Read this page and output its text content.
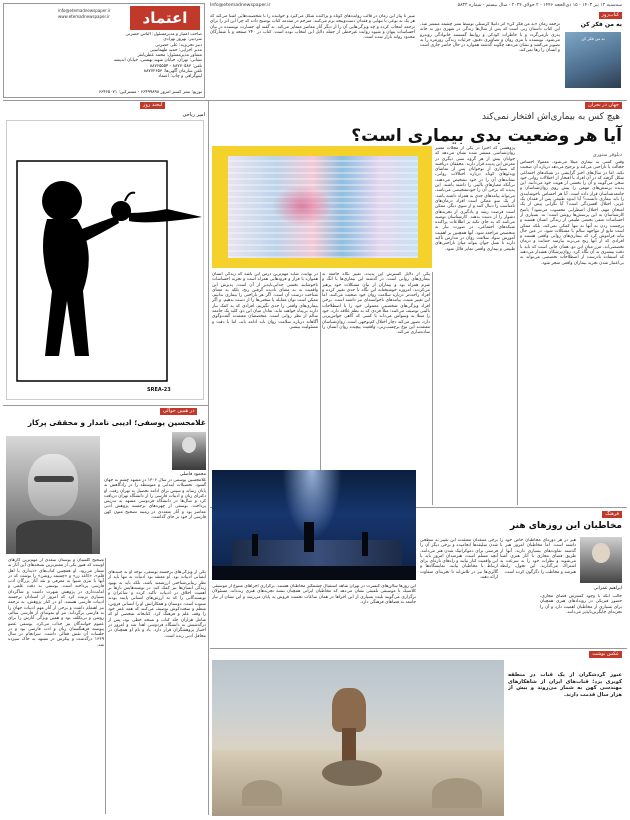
سه‌شنبه ۱۲ تیر ۱۴۰۳ - ۱۵ ذی‌الحجه ۱۴۴۶ - ۲ جولای ۲۰۲۴ - سال بیستم - شماره ۵۸۳۲
Info@etemadnewspaper.ir
اعتماد
info@etemadnewspaper.ir
www.etemadnewspaper.ir
صاحب امتیاز و مدیرمسئول: الیاس حضرتی
سردبیر: بهروز بهزادی
دبیر تحریریه: علی حضرتی
مدیر اجرایی: حمید طهماسبی
مشاور مدیرمسئول: محمد عطریانفر
نشانی: تهران، خیابان شهید بهشتی، خیابان اندیشه
تلفن: ۸۸۷۷۰۵۸۳ - ۸۸۷۶۵۵۵۴
تلفن سازمان آگهی‌ها: ۸۸۷۷۲۶۵۳
لیتوگرافی و چاپ: اعتماد
توزیع: نشر گستر امروز ۶۶۴۹۹۸۹۸ - مشترکین: ۶۶۴۶۵۰۷۱
کتاب‌روز
به من فکر کن
به من فکر کن
ترجمه رمان «به من فکر کن» اثر دانیلا کرستلی توسط نشر چشمه منتشر شد. این کتاب داستان زنی است که پس از سال‌ها زندگی در شهری دور به خانه پدری بازمی‌گردد و با خاطرات کودکی و روابط گسسته خانوادگی روبه‌رو می‌شود. نویسنده با نثری روان و تصاویری دقیق، جزئیات زندگی روزمره را به تصویر می‌کشد و نشان می‌دهد چگونه گذشته همواره در حال حاضر جاری است و انسان را رها نمی‌کند.
سیر تا پیاز این رمان در قالب روایت‌های کوتاه و پراکنده شکل می‌گیرد و خواننده را با شخصیت‌هایی آشنا می‌کند که هر یک به نوعی با تنهایی و فقدان دست‌وپنجه نرم می‌کنند. مترجم در مقدمه کتاب توضیح داده که چرا این اثر را برای ترجمه انتخاب کرده و چه ویژگی‌هایی آن را از دیگر آثار معاصر متمایز می‌کند. به گفته او، جسارت نویسنده در بیان احساسات پنهان و شیوه روایت غیرخطی از جمله دلایل این انتخاب بوده است. کتاب در ۲۴۰ صفحه و با شمارگان محدود روانه بازار شده است.
جهان در بحران
هیچ کس به بیماری‌اش افتخار نمی‌کند
آیا هر وضعیت بدی بیماری است؟
دیلوفر ستوری
وقتی کسی به بیماری مبتلا می‌شود، معمولاً احساس خجالت یا ناراحتی می‌کند و ترجیح می‌دهد درباره آن صحبت نکند. اما در سال‌های اخیر گرایشی در شبکه‌های اجتماعی شکل گرفته که در آن افراد با افتخار از اختلالات روانی خود سخن می‌گویند و آن را بخشی از هویت خود می‌دانند. این پدیده پرسش‌های مهمی را پیش روی روان‌شناسان و جامعه‌شناسان قرار داده است. آیا هر احساس ناخوشایندی را باید بیماری دانست؟ آیا اندوه طبیعی پس از فقدان یک عزیز، اختلال افسردگی است؟ آیا نگرانی پیش از یک امتحان مهم، اختلال اضطرابی محسوب می‌شود؟ پاسخ کارشناسان به این پرسش‌ها روشن است: نه. بسیاری از احساسات منفی بخشی طبیعی از زندگی انسان هستند و برچسب زدن به آنها نه تنها کمکی نمی‌کند، بلکه ممکن است مانع از مواجهه سالم با مشکلات شود. در عین حال نباید فراموش کرد که بیماری‌های روانی واقعی هستند و افرادی که از آنها رنج می‌برند نیازمند حمایت و درمان تخصصی‌اند. مرز میان این دو، همان جایی است که باید با دقت بیشتری به آن نگاه کرد. روان‌پزشکان هشدار می‌دهند که استفاده نادرست از اصطلاحات تخصصی می‌تواند به بی‌اعتبار شدن تجربه بیماران واقعی منجر شود.
پژوهشی که اخیراً در یکی از مجلات معتبر روان‌شناسی منتشر شده نشان می‌دهد که جوانان بیش از هر گروه سنی دیگری در معرض این پدیده قرار دارند. محققان دریافتند که بسیاری از نوجوانان پس از تماشای ویدئوهای کوتاه درباره اختلالات روانی، نشانه‌های آن را در خود تشخیص می‌دهند، بی‌آنکه معیارهای بالینی را داشته باشند. این پدیده که برخی آن را خودتشخیصی می‌نامند، می‌تواند پیامدهای جدی به همراه داشته باشد. از یک سو ممکن است افراد درمان‌های نامناسب را دنبال کنند و از سوی دیگر، ممکن است فرصت رشد و یادگیری از تجربه‌های دشوار را از دست بدهند. کارشناسان توصیه می‌کنند که به جای تکیه بر اطلاعات پراکنده شبکه‌های اجتماعی، در صورت نیاز به متخصص مراجعه شود. آنها همچنین بر اهمیت آموزش سواد سلامت روان در مدارس تأکید دارند تا نسل جوان بتواند میان ناراحتی‌های طبیعی و بیماری واقعی تمایز قائل شود.
یکی از دلایل گسترش این پدیده، تغییر نگاه جامعه به بیماری‌های روانی است. در گذشته این بیماری‌ها با انگ و شرم همراه بود و بیماران از بیان مشکلات خود پرهیز می‌کردند. امروزه خوشبختانه این نگاه تا حدی تغییر کرده و افراد راحت‌تر درباره سلامت روان خود صحبت می‌کنند. اما این تغییر مثبت، پیامدهای ناخواسته‌ای نیز داشته است. برخی افراد ویژگی‌های شخصیتی معمولی خود را با اصطلاحات بالینی توصیف می‌کنند؛ مثلاً فردی که به نظم علاقه دارد، خود را مبتلا به وسواس می‌داند یا کسی که گاهی حواس‌پرتی دارد، تصور می‌کند دچار اختلال کم‌توجهی است. روان‌شناسان معتقدند این نوع برچسب‌زنی، واقعیت پیچیده روان انسان را ساده‌سازی می‌کند.
در نهایت، شاید مهم‌ترین درس این باشد که زندگی انسان همواره با فراز و فرودهایی همراه است و تجربه احساسات ناخوشایند بخشی جدایی‌ناپذیر از آن است. پذیرش این واقعیت نه به معنای نادیده گرفتن رنج، بلکه به معنای شناخت درست آن است. اگر هر ناراحتی را بیماری بدانیم، ممکن است توان مقابله با سختی‌ها را از دست بدهیم. و اگر بیماری‌های واقعی را جدی نگیریم، افرادی که به کمک نیاز دارند بی‌پناه خواهند ماند. تعادل میان این دو، کلید یک جامعه سالم از نظر روانی است. متخصصان معتقدند گفت‌وگوی آگاهانه درباره سلامت روان باید ادامه یابد، اما با دقت و مسئولیت بیشتر.
لبخند روز
امیر ریاحی
SREA-23
در همین حوالی
غلامحسین یوسفی؛ ادیبی نامدار و محققی پرکار
محمود فاضلی
غلامحسین یوسفی در سال ۱۳۰۶ در مشهد چشم به جهان گشود. تحصیلات ابتدایی و متوسطه را در زادگاهش به پایان رساند و سپس برای ادامه تحصیل به تهران رفت. او دکترای زبان و ادبیات فارسی را از دانشگاه تهران دریافت کرد و سال‌ها در دانشگاه فردوسی مشهد به تدریس پرداخت. یوسفی از چهره‌های برجسته پژوهش ادبی معاصر بود و آثار متعددی در زمینه تصحیح متون کهن فارسی از خود بر جای گذاشت.
تصحیح گلستان و بوستان سعدی از مهم‌ترین کارهای اوست که هنوز یکی از معتبرترین نسخه‌های این آثار به شمار می‌رود. او همچنین کتاب‌های «دیداری با اهل قلم»، «کاغذ زر» و «چشمه روشن» را نوشت که در آنها با نثری شیوا به معرفی و نقد آثار بزرگان ادب فارسی پرداخته است. یوسفی به دقت علمی و امانت‌داری در پژوهش شهرت داشت و شاگردان بسیاری تربیت کرد که امروز از استادان برجسته ادبیات فارسی هستند. او در کنار پژوهش، به ترجمه نیز اهتمام داشت و برخی از آثار مهم ادبیات جهان را به فارسی برگرداند. نثر او نمونه‌ای از فارسی سالم، روشن و بی‌تکلف بود و همین ویژگی آثارش را برای عموم خوانندگان نیز جذاب می‌کرد. یوسفی عضو پیوسته فرهنگستان زبان و ادب فارسی بود و در جلسات آن نقش فعالی داشت. سرانجام در سال ۱۳۶۹ درگذشت و پیکرش در مشهد به خاک سپرده شد.
یکی از ویژگی‌های برجسته یوسفی، توجه او به جنبه‌های انسانی ادبیات بود. او معتقد بود ادبیات نه تنها باید از نظر زیبایی‌شناختی ارزشمند باشد، بلکه باید به بهبود زندگی انسان‌ها نیز کمک کند. در نوشته‌هایش بارها بر اهمیت اخلاق در ادبیات تأکید کرده و شاعران و نویسندگانی را که به ارزش‌های انسانی پایبند بودند ستوده است. دوستان و همکارانش او را انسانی فروتن، منظم و سخت‌کوش توصیف می‌کنند که همه عمر خود را وقف علم و فرهنگ کرد. کتابخانه شخصی او که شامل هزاران جلد کتاب و نسخه خطی بود، پس از درگذشتش به دانشگاه فردوسی اهدا شد و امروز در اختیار پژوهشگران قرار دارد. یاد و نام او همچنان در محافل ادبی زنده است.
این روزها سالن‌های کنسرت در تهران شاهد استقبال چشمگیر مخاطبان هستند. برگزاری اجراهای متنوع از موسیقی کلاسیک تا موسیقی تلفیقی نشان می‌دهد که مخاطبان ایرانی همچنان تشنه تجربه‌های هنری زنده‌اند. مسئولان برگزاری می‌گویند بلیت بسیاری از این اجراها در همان ساعات نخست فروش به پایان می‌رسد و این نشان از نیاز جامعه به فضاهای فرهنگی دارد.
فرهنگ
مخاطبان این روزهای هنر
ابراهیم عمرانی
هنر در هر دوره‌ای مخاطبان خاص خود را داشته است. اما مخاطبان امروز هنر با گذشته تفاوت‌های بسیاری دارند. آنها از طریق فضای مجازی با آثار هنری آشنا می‌شوند و نظرات خود را به سرعت به اشتراک می‌گذارند. این تحول، رابطه هنرمند و مخاطب را دگرگون کرده است.
برخی منتقدان معتقدند این تغییر به سطحی شدن سلیقه‌ها انجامیده و برخی دیگر آن را فرصتی برای دموکراتیک شدن هنر می‌دانند. آنچه مسلم است، هنرمندان امروز باید با این واقعیت کنار بیایند و راه‌های تازه‌ای برای ارتباط با مخاطبان بیابند. نمایشگاه‌ها و گالری‌ها نیز در تلاش‌اند تا تجربه‌ای متفاوت ارائه دهند.
جالب آنکه با وجود گسترش فضای مجازی، حضور فیزیکی در رویدادهای هنری همچنان برای بسیاری از مخاطبان اهمیت دارد و آن را تجربه‌ای جایگزین‌ناپذیر می‌دانند.
عکس نوشت
عبور گردشگران از یک قنات در منطقه کویری یزد؛ قنات‌های ایران از شاهکارهای مهندسی کهن به شمار می‌روند و بیش از هزار سال قدمت دارند.
